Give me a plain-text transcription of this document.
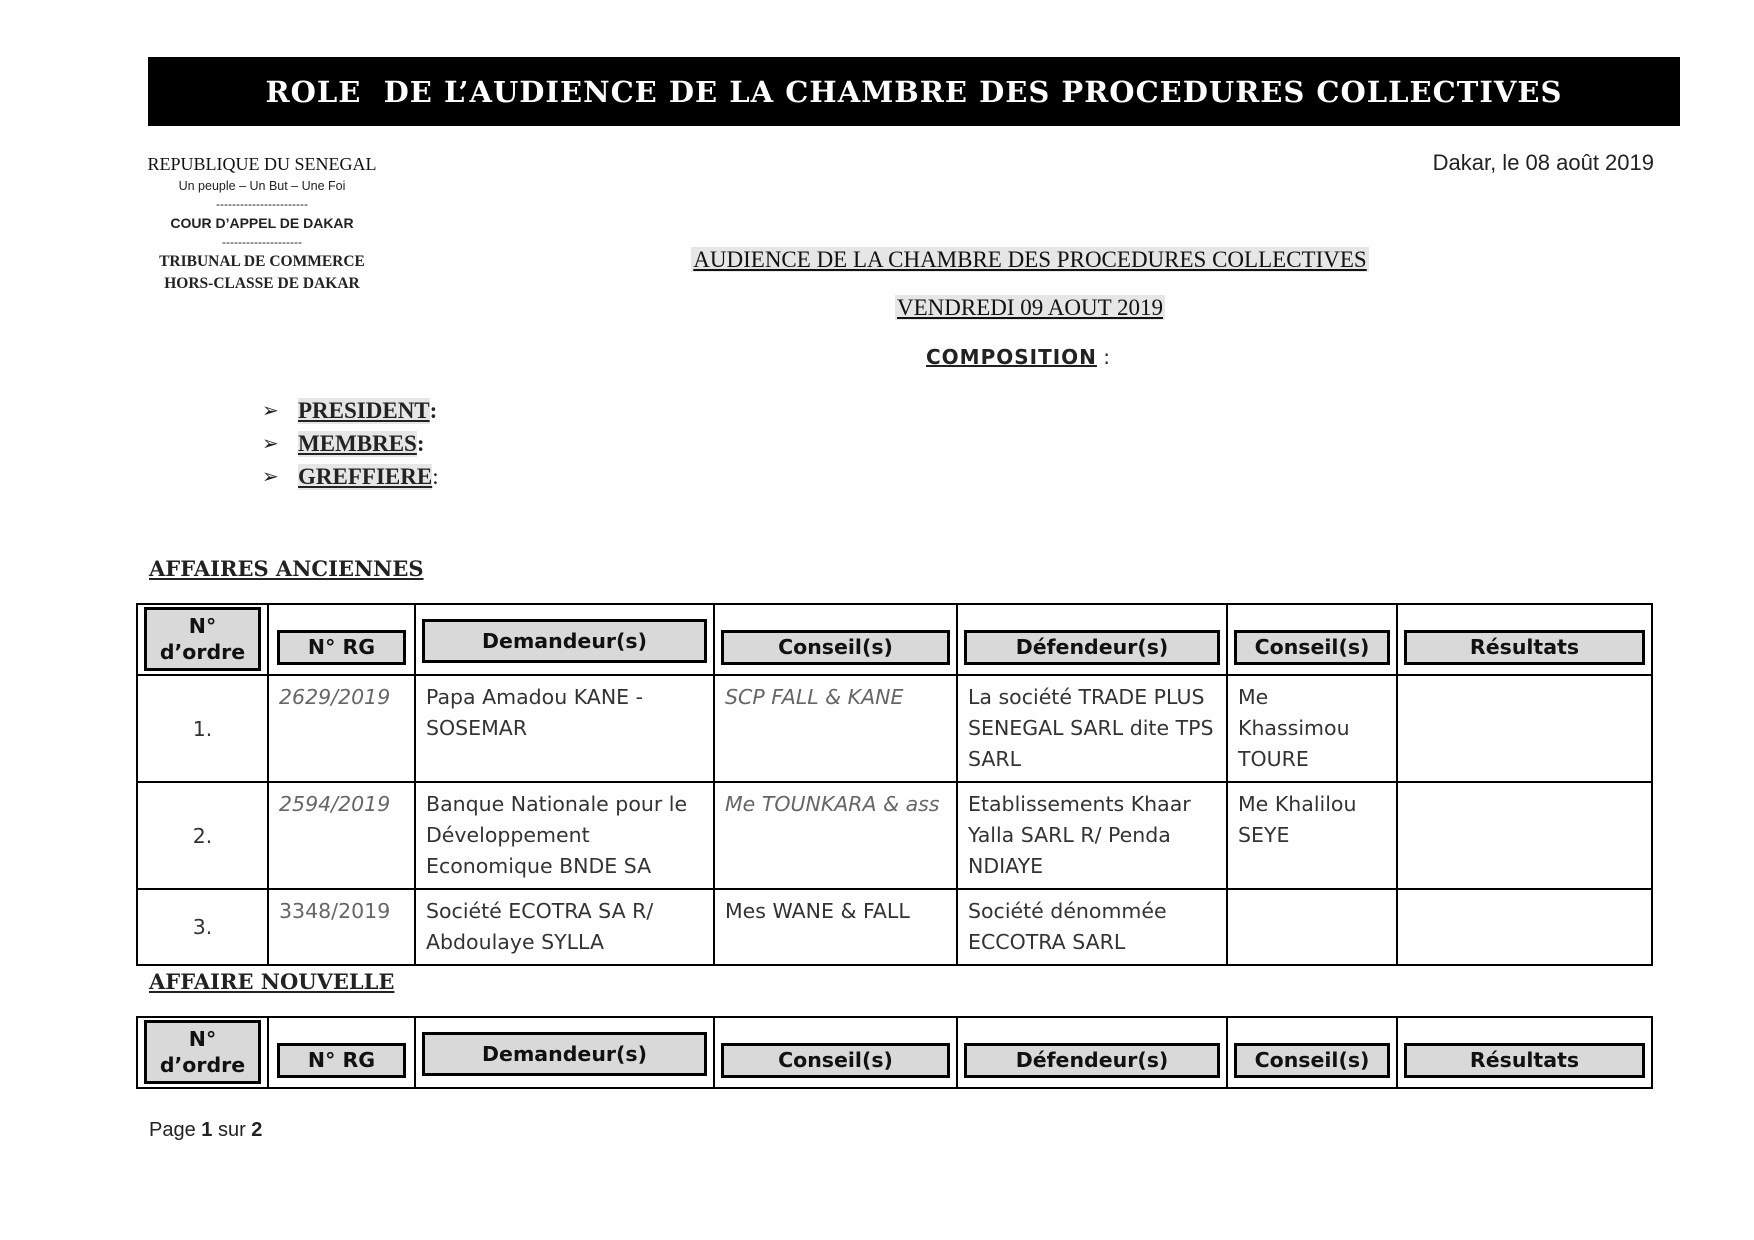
ROLE  DE L’AUDIENCE DE LA CHAMBRE DES PROCEDURES COLLECTIVES
REPUBLIQUE DU SENEGAL
Un peuple – Un But – Une Foi
-----------------------
COUR D’APPEL DE DAKAR
--------------------
TRIBUNAL DE COMMERCE
HORS-CLASSE DE DAKAR
Dakar, le 08 août 2019
AUDIENCE DE LA CHAMBRE DES PROCEDURES COLLECTIVES
VENDREDI 09 AOUT 2019
COMPOSITION :
➢ PRESIDENT :
➢ MEMBRES :
➢ GREFFIERE :
AFFAIRES ANCIENNES
N°
d’ordre	N° RG	Demandeur(s)	Conseil(s)	Défendeur(s)	Conseil(s)	Résultats

1.	2629/2019	Papa Amadou KANE - SOSEMAR	SCP FALL & KANE	La société TRADE PLUS SENEGAL SARL dite TPS SARL	Me Khassimou TOURE	

2.	2594/2019	Banque Nationale pour le Développement Economique BNDE SA	Me TOUNKARA & ass	Etablissements Khaar Yalla SARL R/ Penda NDIAYE	Me Khalilou SEYE	

3.	3348/2019	Société ECOTRA SA R/ Abdoulaye SYLLA	Mes WANE & FALL	Société dénommée ECCOTRA SARL		

AFFAIRE NOUVELLE
N°
d’ordre	N° RG	Demandeur(s)	Conseil(s)	Défendeur(s)	Conseil(s)	Résultats
Page 1 sur 2
